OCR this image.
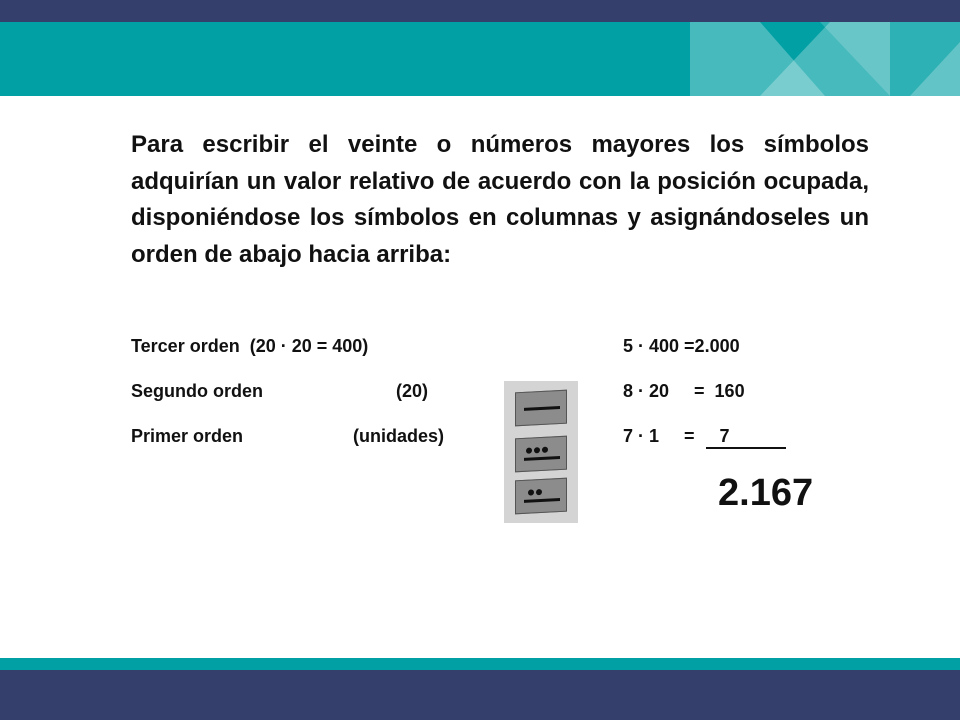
Para escribir el veinte o números mayores los símbolos adquirían un valor relativo de acuerdo con la posición ocupada, disponiéndose los símbolos en columnas y asignándoseles un orden de abajo hacia arriba:

Tercer orden  (20 · 20 = 400)	5 · 400 =2.000
Segundo orden	(20)	8 · 20     =  160
Primer orden	(unidades)	7 · 1     =     7
2.167
